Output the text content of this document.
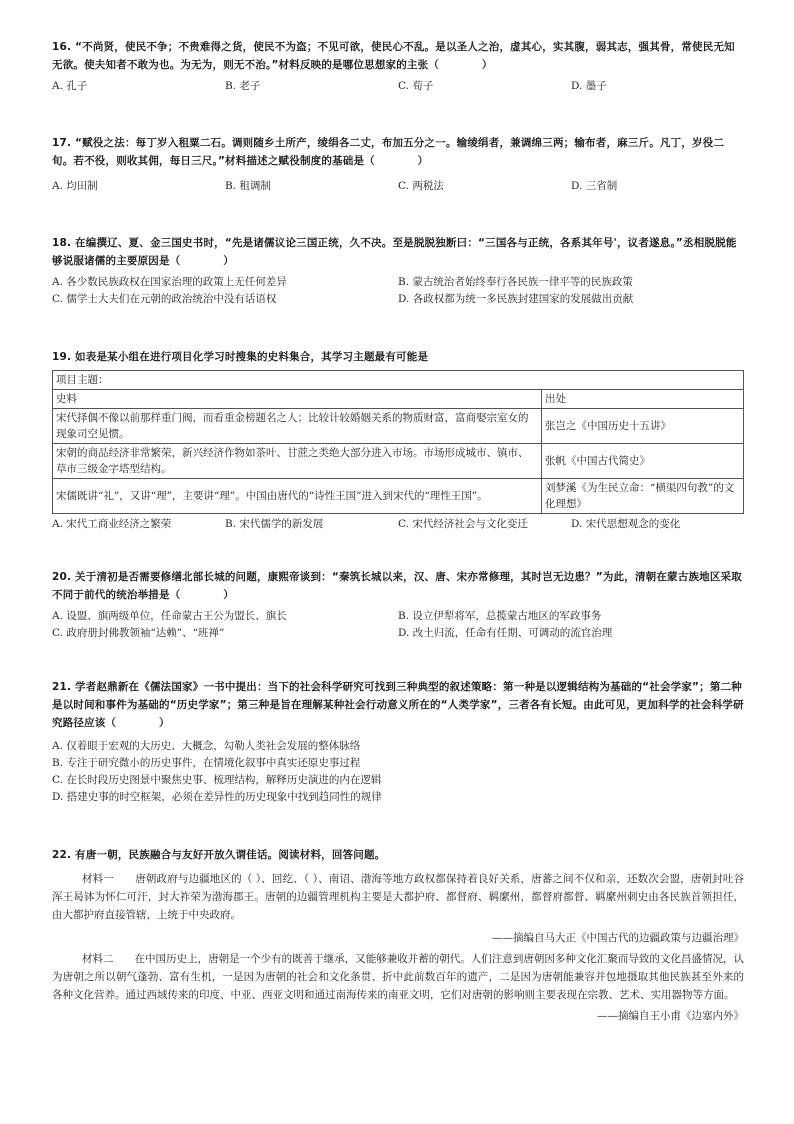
16. “不尚贤，使民不争；不贵难得之货，使民不为盗；不见可欲，使民心不乱。是以圣人之治，虚其心，实其腹，弱其志，强其骨，常使民无知无欲。使夫知者不敢为也。为无为，则无不治。”材料反映的是哪位思想家的主张（　　　　）
A. 孔子	B. 老子	C. 荀子	D. 墨子
17. “赋役之法：每丁岁入租粟二石。调则随乡土所产，绫绢各二丈，布加五分之一。输绫绢者，兼调绵三两；输布者，麻三斤。凡丁，岁役二旬。若不役，则收其佣，每日三尺。”材料描述之赋役制度的基础是（　　　　）
A. 均田制	B. 租调制	C. 两税法	D. 三省制
18. 在编撰辽、夏、金三国史书时，“先是诸儒议论三国正统，久不决。至是脱脱独断曰：“三国各与正统，各系其年号'，议者遂息。”丞相脱脱能够说服诸儒的主要原因是（　　　　）
A. 各少数民族政权在国家治理的政策上无任何差异	B. 蒙古统治者始终奉行各民族一律平等的民族政策
C. 儒学士大夫们在元朝的政治统治中没有话语权	D. 各政权都为统一多民族封建国家的发展做出贡献
19. 如表是某小组在进行项目化学习时搜集的史料集合，其学习主题最有可能是
项目主题：	
史料	出处
宋代择偶不像以前那样重门阀，而看重金榜题名之人；比较计较婚姻关系的物质财富，富商娶宗室女的现象司空见惯。	张岂之《中国历史十五讲》
宋朝的商品经济非常繁荣，新兴经济作物如茶叶、甘蔗之类绝大部分进入市场。市场形成城市、镇市、草市三级金字塔型结构。	张帆《中国古代简史》
宋儒既讲“礼”，又讲“理”，主要讲“理”。中国由唐代的“诗性王国”进入到宋代的“理性王国”。	刘梦溪《为生民立命：“横渠四句教”的文化理想》
A. 宋代工商业经济之繁荣	B. 宋代儒学的新发展	C. 宋代经济社会与文化变迁	D. 宋代思想观念的变化
20. 关于清初是否需要修缮北部长城的问题，康熙帝谈到：“秦筑长城以来，汉、唐、宋亦常修理，其时岂无边患？”为此，清朝在蒙古族地区采取不同于前代的统治举措是（　　　　）
A. 设盟、旗两级单位，任命蒙古王公为盟长、旗长	B. 设立伊犁将军，总揽蒙古地区的军政事务
C. 政府册封佛教领袖“达赖”、“班禅”	D. 改土归流，任命有任期、可调动的流官治理
21. 学者赵鼎新在《儒法国家》一书中提出：当下的社会科学研究可找到三种典型的叙述策略：第一种是以逻辑结构为基础的“社会学家”；第二种是以时间和事件为基础的“历史学家”；第三种是旨在理解某种社会行动意义所在的“人类学家”，三者各有长短。由此可见，更加科学的社会科学研究路径应该（　　　　）
A. 仅着眼于宏观的大历史、大概念，勾勒人类社会发展的整体脉络
B. 专注于研究微小的历史事件，在情境化叙事中真实还原史事过程
C. 在长时段历史图景中聚焦史事、梳理结构，解释历史演进的内在逻辑
D. 搭建史事的时空框架，必须在差异性的历史现象中找到趋同性的规律
22. 有唐一朝，民族融合与友好开放久谓佳话。阅读材料，回答问题。
材料一　　唐朝政府与边疆地区的（ ）、回纥、（ ）、南诏、渤海等地方政权都保持着良好关系，唐蕃之间不仅和亲，还数次会盟，唐朝封吐谷浑王曷钵为怀仁可汗，封大祚荣为渤海郡王。唐朝的边疆管理机构主要是大都护府、都督府、羁縻州，都督府都督、羁縻州刺史由各民族首领担任，由大都护府直接管辖，上统于中央政府。
——摘编自马大正《中国古代的边疆政策与边疆治理》
材料二　　在中国历史上，唐朝是一个少有的既善于继承，又能够兼收并蓄的朝代。人们注意到唐朝因多种文化汇聚而导致的文化昌盛情况，认为唐朝之所以朝气蓬勃、富有生机，一是因为唐朝的社会和文化条贯、折中此前数百年的遗产，二是因为唐朝能兼容并包地摄取其他民族甚至外来的各种文化营养。通过西域传来的印度、中亚、西亚文明和通过南海传来的南亚文明，它们对唐朝的影响则主要表现在宗教、艺术、实用器物等方面。
——摘编自王小甫《边塞内外》
